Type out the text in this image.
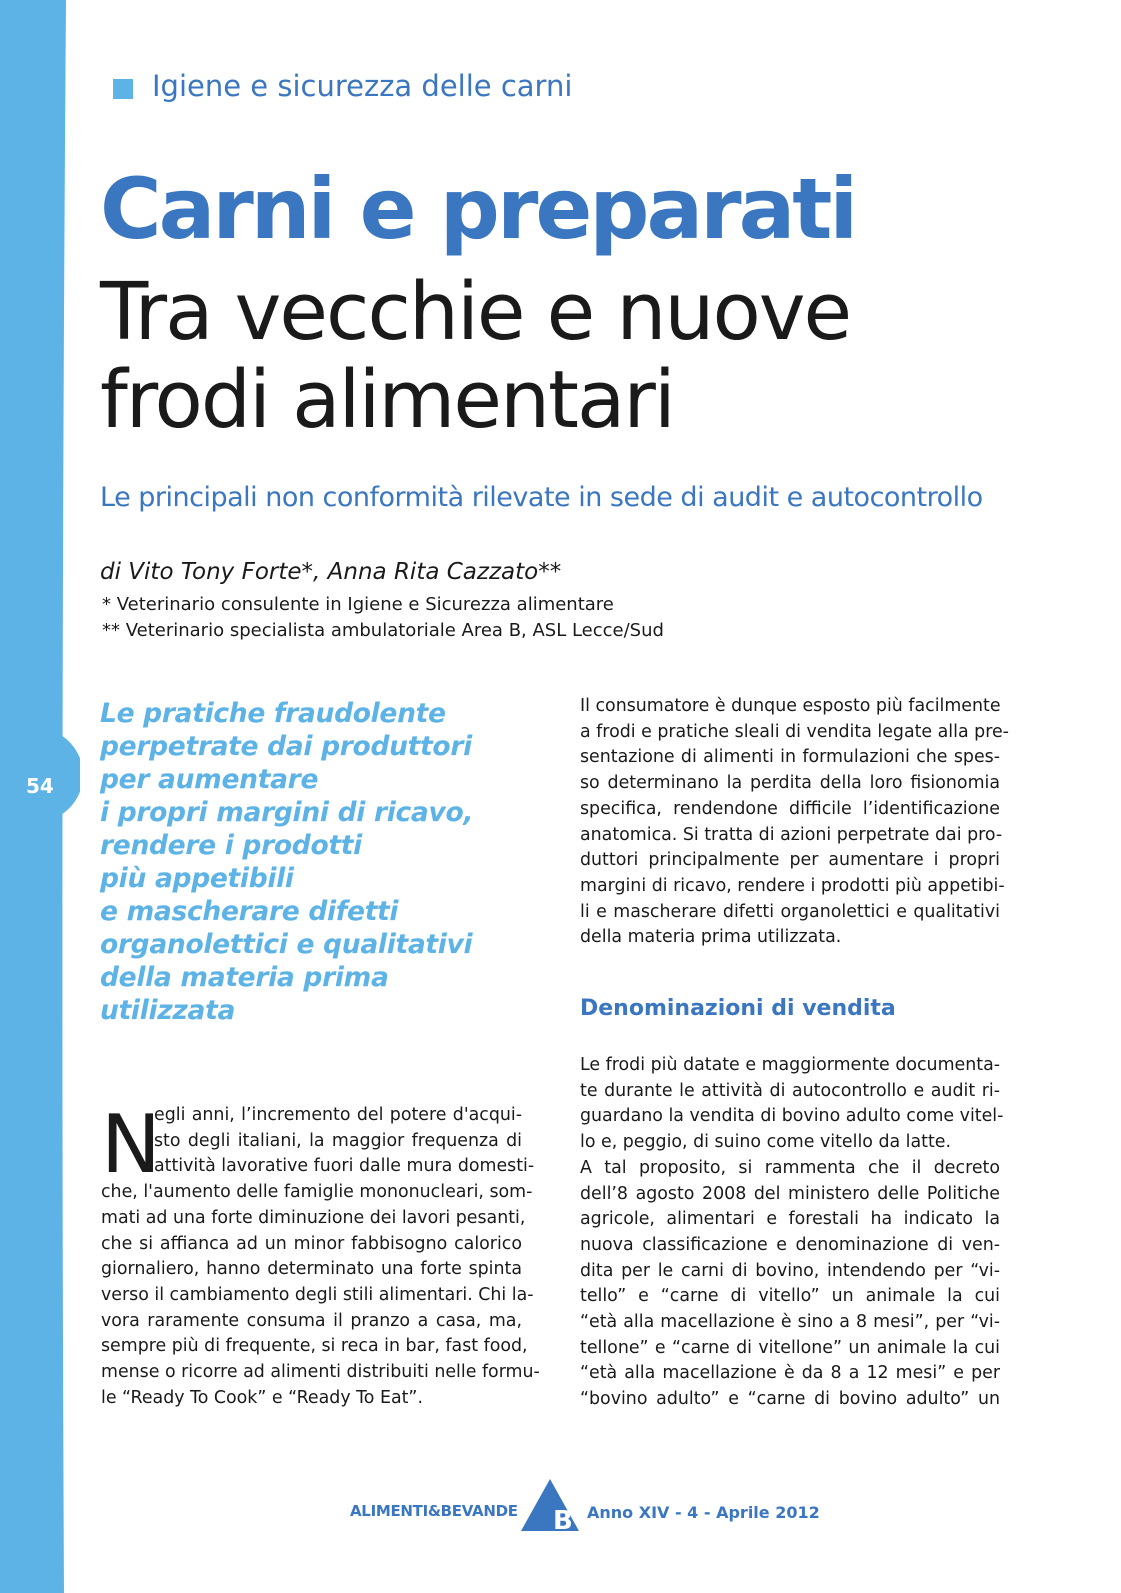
54
Igiene e sicurezza delle carni
Carni e preparati
Tra vecchie e nuove
frodi alimentari
Le principali non conformità rilevate in sede di audit e autocontrollo
di Vito Tony Forte*, Anna Rita Cazzato**
* Veterinario consulente in Igiene e Sicurezza alimentare
** Veterinario specialista ambulatoriale Area B, ASL Lecce/Sud
Le pratiche fraudolente
perpetrate dai produttori
per aumentare
i propri margini di ricavo,
rendere i prodotti
più appetibili
e mascherare difetti
organolettici e qualitativi
della materia prima
utilizzata
N
egli anni, l’incremento del potere d'acqui-
sto degli italiani, la maggior frequenza di
attività lavorative fuori dalle mura domesti-
che, l'aumento delle famiglie mononucleari, som-
mati ad una forte diminuzione dei lavori pesanti,
che si affianca ad un minor fabbisogno calorico
giornaliero, hanno determinato una forte spinta
verso il cambiamento degli stili alimentari. Chi la-
vora raramente consuma il pranzo a casa, ma,
sempre più di frequente, si reca in bar, fast food,
mense o ricorre ad alimenti distribuiti nelle formu-
le “Ready To Cook” e “Ready To Eat”.
Il consumatore è dunque esposto più facilmente
a frodi e pratiche sleali di vendita legate alla pre-
sentazione di alimenti in formulazioni che spes-
so determinano la perdita della loro fisionomia
specifica, rendendone difficile l’identificazione
anatomica. Si tratta di azioni perpetrate dai pro-
duttori principalmente per aumentare i propri
margini di ricavo, rendere i prodotti più appetibi-
li e mascherare difetti organolettici e qualitativi
della materia prima utilizzata.
Denominazioni di vendita
Le frodi più datate e maggiormente documenta-
te durante le attività di autocontrollo e audit ri-
guardano la vendita di bovino adulto come vitel-
lo e, peggio, di suino come vitello da latte.
A tal proposito, si rammenta che il decreto
dell’8 agosto 2008 del ministero delle Politiche
agricole, alimentari e forestali ha indicato la
nuova classificazione e denominazione di ven-
dita per le carni di bovino, intendendo per “vi-
tello” e “carne di vitello” un animale la cui
“età alla macellazione è sino a 8 mesi”, per “vi-
tellone” e “carne di vitellone” un animale la cui
“età alla macellazione è da 8 a 12 mesi” e per
“bovino adulto” e “carne di bovino adulto” un
ALIMENTI&BEVANDE B Anno XIV - 4 - Aprile 2012
